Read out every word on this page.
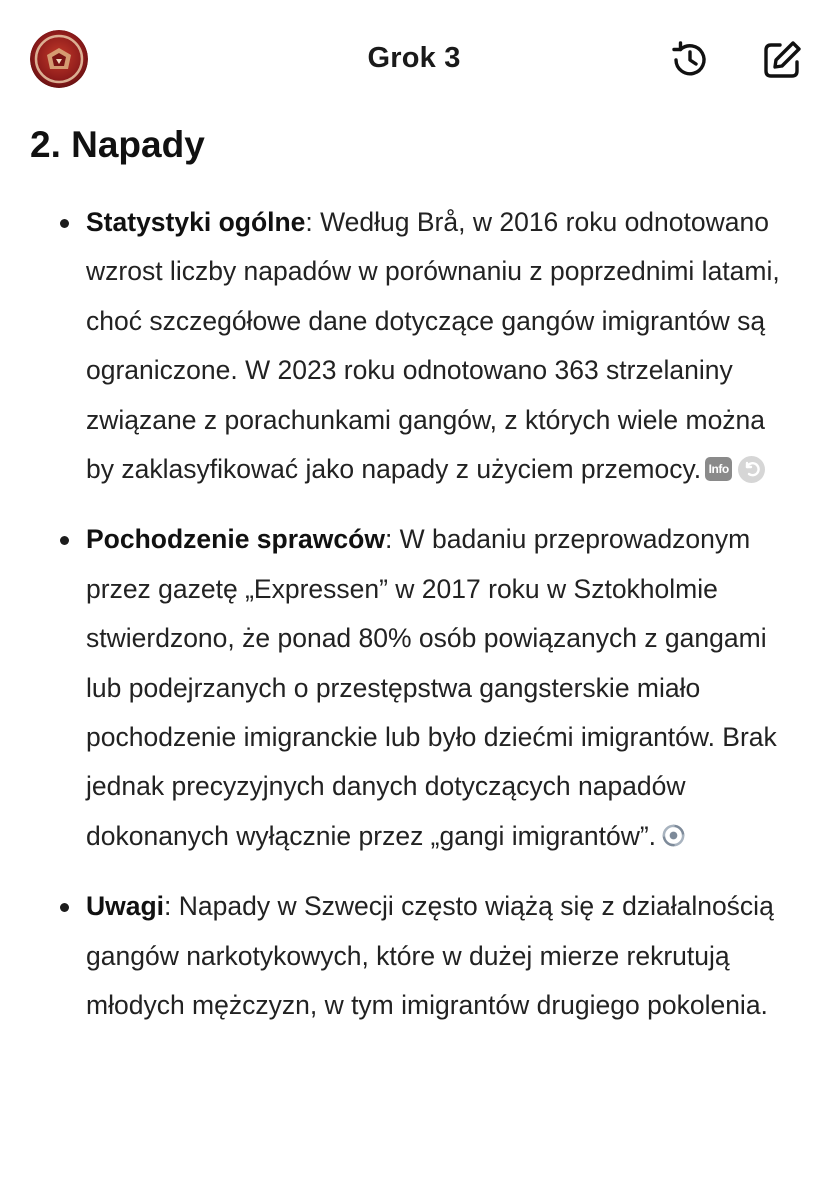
Grok 3
2. Napady
Statystyki ogólne: Według Brå, w 2016 roku odnotowano wzrost liczby napadów w porównaniu z poprzednimi latami, choć szczegółowe dane dotyczące gangów imigrantów są ograniczone. W 2023 roku odnotowano 363 strzelaniny związane z porachunkami gangów, z których wiele można by zaklasyfikować jako napady z użyciem przemocy. Info
Pochodzenie sprawców: W badaniu przeprowadzonym przez gazetę „Expressen” w 2017 roku w Sztokholmie stwierdzono, że ponad 80% osób powiązanych z gangami lub podejrzanych o przestępstwa gangsterskie miało pochodzenie imigranckie lub było dziećmi imigrantów. Brak jednak precyzyjnych danych dotyczących napadów dokonanych wyłącznie przez „gangi imigrantów”.
Uwagi: Napady w Szwecji często wiążą się z działalnością gangów narkotykowych, które w dużej mierze rekrutują młodych mężczyzn, w tym imigrantów drugiego pokolenia.
